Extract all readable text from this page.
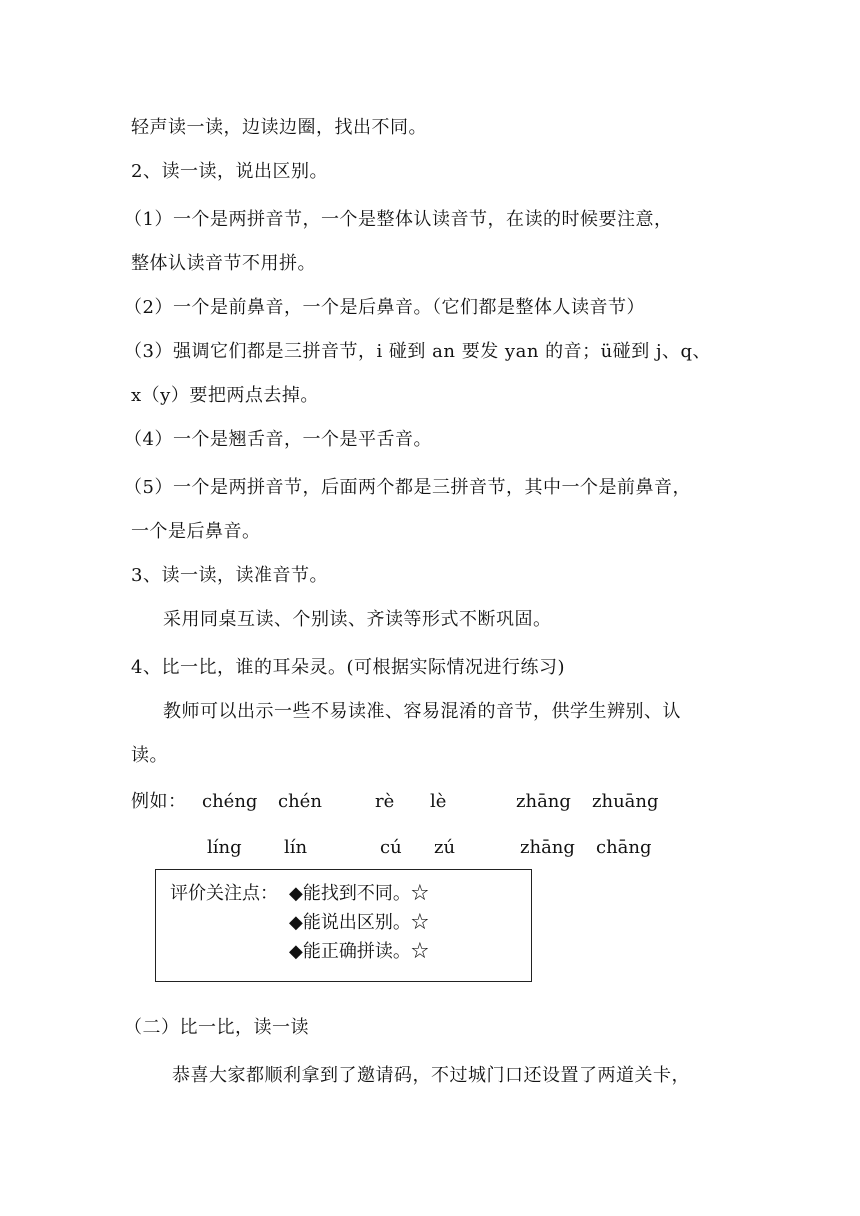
轻声读一读，边读边圈，找出不同。
2、读一读，说出区别。
（1）一个是两拼音节，一个是整体认读音节，在读的时候要注意，
整体认读音节不用拼。
（2）一个是前鼻音，一个是后鼻音。（它们都是整体人读音节）
（3）强调它们都是三拼音节，i 碰到 an 要发 yan 的音；ü碰到 j、q、
x（y）要把两点去掉。
（4）一个是翘舌音，一个是平舌音。
（5）一个是两拼音节，后面两个都是三拼音节，其中一个是前鼻音，
一个是后鼻音。
3、读一读，读准音节。
采用同桌互读、个别读、齐读等形式不断巩固。
4、比一比，谁的耳朵灵。(可根据实际情况进行练习)
教师可以出示一些不易读准、容易混淆的音节，供学生辨别、认
读。
例如： chéng chén	rè lè	zhāng zhuāng
líng lín	cú zú	zhāng chāng
评价关注点： ◆能找到不同。☆
◆能说出区别。☆
◆能正确拼读。☆
（二）比一比，读一读
恭喜大家都顺利拿到了邀请码，不过城门口还设置了两道关卡，
